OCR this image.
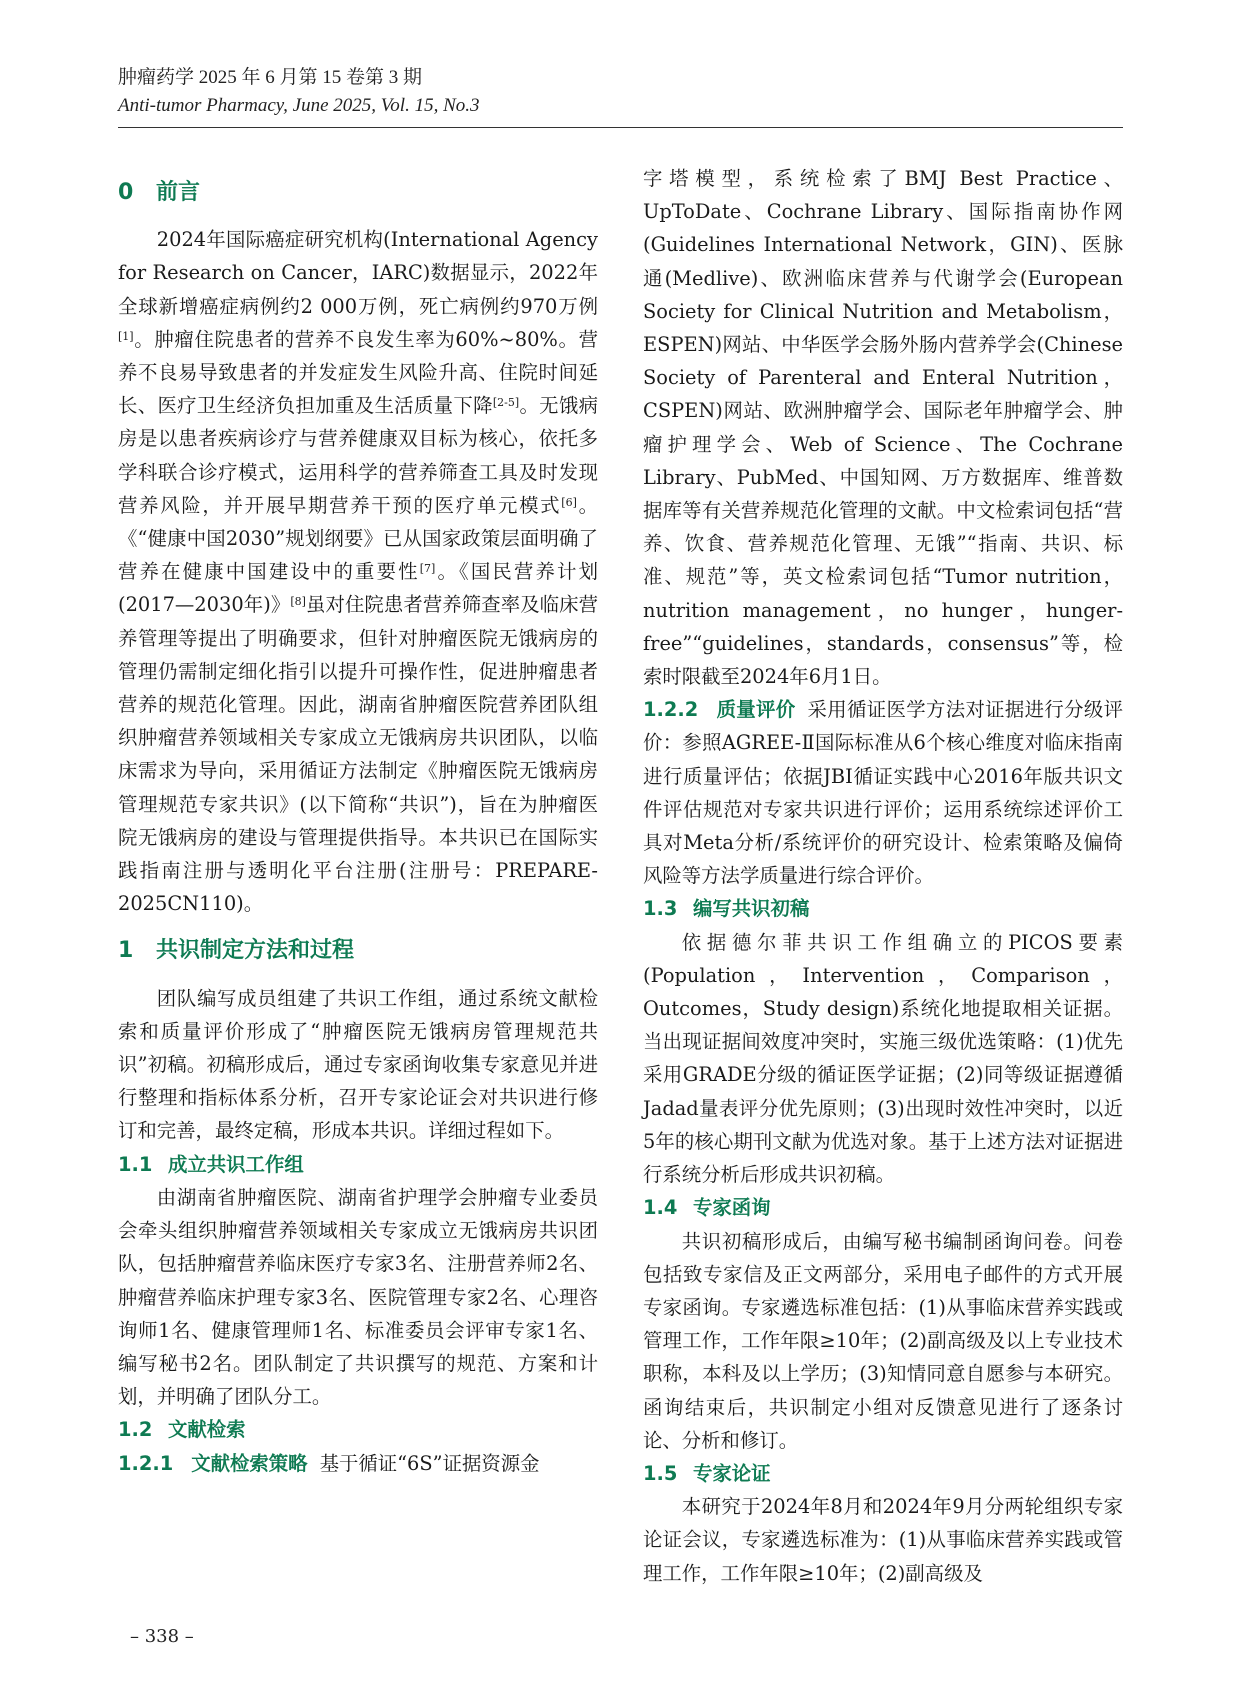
肿瘤药学 2025 年 6 月第 15 卷第 3 期
Anti-tumor Pharmacy, June 2025, Vol. 15, No.3
0 前言

2024年国际癌症研究机构(International Agency for Research on Cancer，IARC)数据显示，2022年全球新增癌症病例约2 000万例，死亡病例约970万例[1]。肿瘤住院患者的营养不良发生率为60%~80%。营养不良易导致患者的并发症发生风险升高、住院时间延长、医疗卫生经济负担加重及生活质量下降[2-5]。无饿病房是以患者疾病诊疗与营养健康双目标为核心，依托多学科联合诊疗模式，运用科学的营养筛查工具及时发现营养风险，并开展早期营养干预的医疗单元模式[6]。《“健康中国2030”规划纲要》已从国家政策层面明确了营养在健康中国建设中的重要性[7]。《国民营养计划(2017—2030年)》[8]虽对住院患者营养筛查率及临床营养管理等提出了明确要求，但针对肿瘤医院无饿病房的管理仍需制定细化指引以提升可操作性，促进肿瘤患者营养的规范化管理。因此，湖南省肿瘤医院营养团队组织肿瘤营养领域相关专家成立无饿病房共识团队，以临床需求为导向，采用循证方法制定《肿瘤医院无饿病房管理规范专家共识》(以下简称“共识”)，旨在为肿瘤医院无饿病房的建设与管理提供指导。本共识已在国际实践指南注册与透明化平台注册(注册号：PREPARE-2025CN110)。

1 共识制定方法和过程

团队编写成员组建了共识工作组，通过系统文献检索和质量评价形成了“肿瘤医院无饿病房管理规范共识”初稿。初稿形成后，通过专家函询收集专家意见并进行整理和指标体系分析，召开专家论证会对共识进行修订和完善，最终定稿，形成本共识。详细过程如下。

1.1 成立共识工作组

由湖南省肿瘤医院、湖南省护理学会肿瘤专业委员会牵头组织肿瘤营养领域相关专家成立无饿病房共识团队，包括肿瘤营养临床医疗专家3名、注册营养师2名、肿瘤营养临床护理专家3名、医院管理专家2名、心理咨询师1名、健康管理师1名、标准委员会评审专家1名、编写秘书2名。团队制定了共识撰写的规范、方案和计划，并明确了团队分工。

1.2 文献检索

1.2.1 文献检索策略 基于循证“6S”证据资源金

字塔模型，系统检索了BMJ Best Practice、UpToDate、Cochrane Library、国际指南协作网(Guidelines International Network，GIN)、医脉通(Medlive)、欧洲临床营养与代谢学会(European Society for Clinical Nutrition and Metabolism，ESPEN)网站、中华医学会肠外肠内营养学会(Chinese Society of Parenteral and Enteral Nutrition，CSPEN)网站、欧洲肿瘤学会、国际老年肿瘤学会、肿瘤护理学会、Web of Science、The Cochrane Library、PubMed、中国知网、万方数据库、维普数据库等有关营养规范化管理的文献。中文检索词包括“营养、饮食、营养规范化管理、无饿”“指南、共识、标准、规范”等，英文检索词包括“Tumor nutrition，nutrition management，no hunger，hunger-free”“guidelines，standards，consensus”等，检索时限截至2024年6月1日。

1.2.2 质量评价 采用循证医学方法对证据进行分级评价：参照AGREE-Ⅱ国际标准从6个核心维度对临床指南进行质量评估；依据JBI循证实践中心2016年版共识文件评估规范对专家共识进行评价；运用系统综述评价工具对Meta分析/系统评价的研究设计、检索策略及偏倚风险等方法学质量进行综合评价。

1.3 编写共识初稿

依据德尔菲共识工作组确立的PICOS要素(Population，Intervention，Comparison，Outcomes，Study design)系统化地提取相关证据。当出现证据间效度冲突时，实施三级优选策略：(1)优先采用GRADE分级的循证医学证据；(2)同等级证据遵循Jadad量表评分优先原则；(3)出现时效性冲突时，以近5年的核心期刊文献为优选对象。基于上述方法对证据进行系统分析后形成共识初稿。

1.4 专家函询

共识初稿形成后，由编写秘书编制函询问卷。问卷包括致专家信及正文两部分，采用电子邮件的方式开展专家函询。专家遴选标准包括：(1)从事临床营养实践或管理工作，工作年限≥10年；(2)副高级及以上专业技术职称，本科及以上学历；(3)知情同意自愿参与本研究。函询结束后，共识制定小组对反馈意见进行了逐条讨论、分析和修订。

1.5 专家论证

本研究于2024年8月和2024年9月分两轮组织专家论证会议，专家遴选标准为：(1)从事临床营养实践或管理工作，工作年限≥10年；(2)副高级及

– 338 –
